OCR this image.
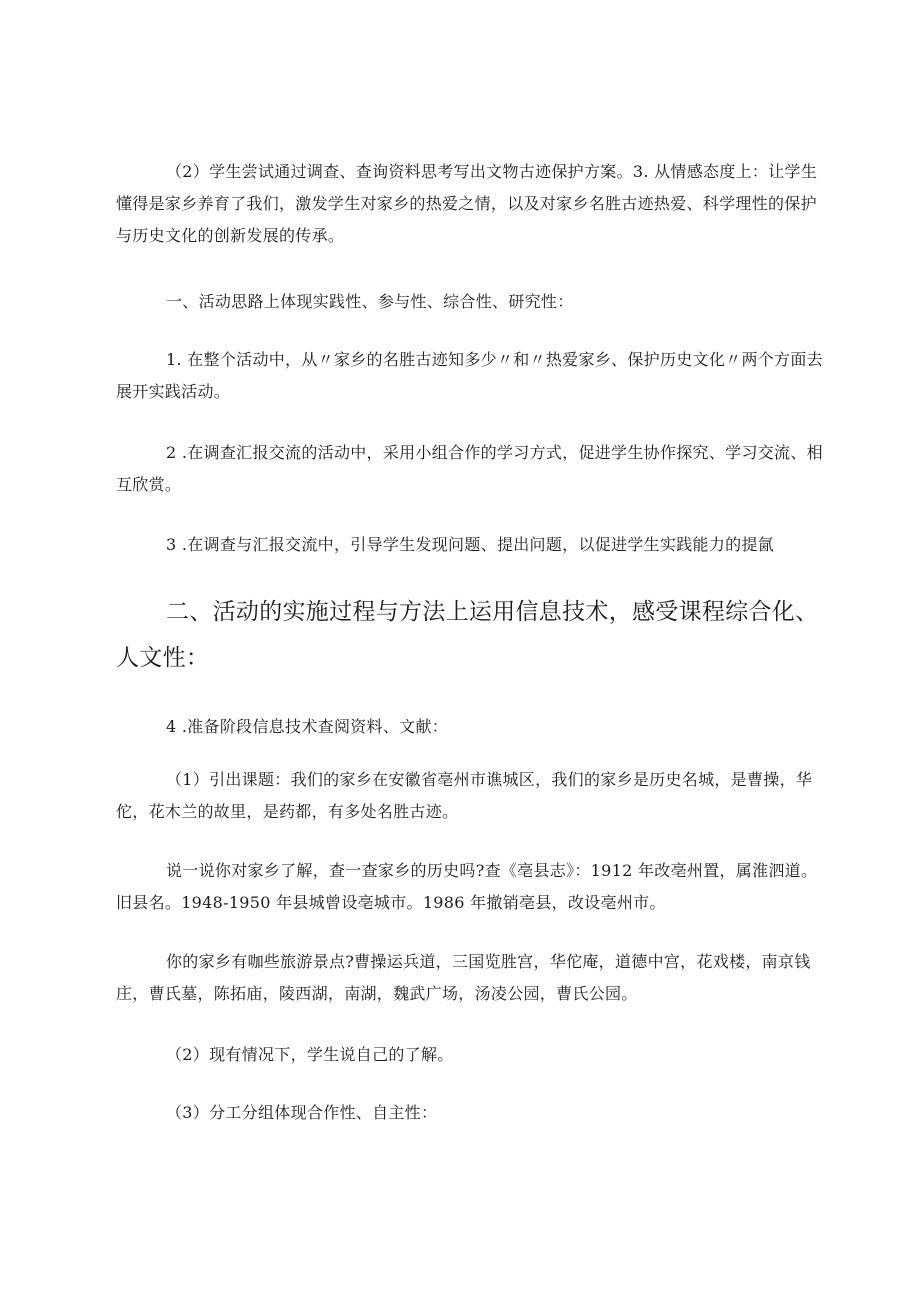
（2）学生尝试通过调查、查询资料思考写出文物古迹保护方案。3. 从情感态度上：让学生懂得是家乡养育了我们，激发学生对家乡的热爱之情，以及对家乡名胜古迹热爱、科学理性的保护与历史文化的创新发展的传承。

一、活动思路上体现实践性、参与性、综合性、研究性：

1. 在整个活动中，从〃家乡的名胜古迹知多少〃和〃热爱家乡、保护历史文化〃两个方面去展开实践活动。

2 .在调查汇报交流的活动中，采用小组合作的学习方式，促进学生协作探究、学习交流、相互欣赏。

3 .在调查与汇报交流中，引导学生发现问题、提出问题，以促进学生实践能力的提氤

二、活动的实施过程与方法上运用信息技术，感受课程综合化、人文性：

4 .准备阶段信息技术查阅资料、文献：

（1）引出课题：我们的家乡在安徽省亳州市谯城区，我们的家乡是历史名城，是曹操，华佗，花木兰的故里，是药都，有多处名胜古迹。

说一说你对家乡了解，查一查家乡的历史吗?查《亳县志》：1912 年改亳州置，属淮泗道。旧县名。1948-1950 年县城曾设亳城市。1986 年撤销亳县，改设亳州市。

你的家乡有咖些旅游景点?曹操运兵道，三国览胜宫，华佗庵，道德中宫，花戏楼，南京钱庄，曹氏墓，陈拓庙，陵西湖，南湖，魏武广场，汤凌公园，曹氏公园。

（2）现有情况下，学生说自己的了解。

（3）分工分组体现合作性、自主性：
